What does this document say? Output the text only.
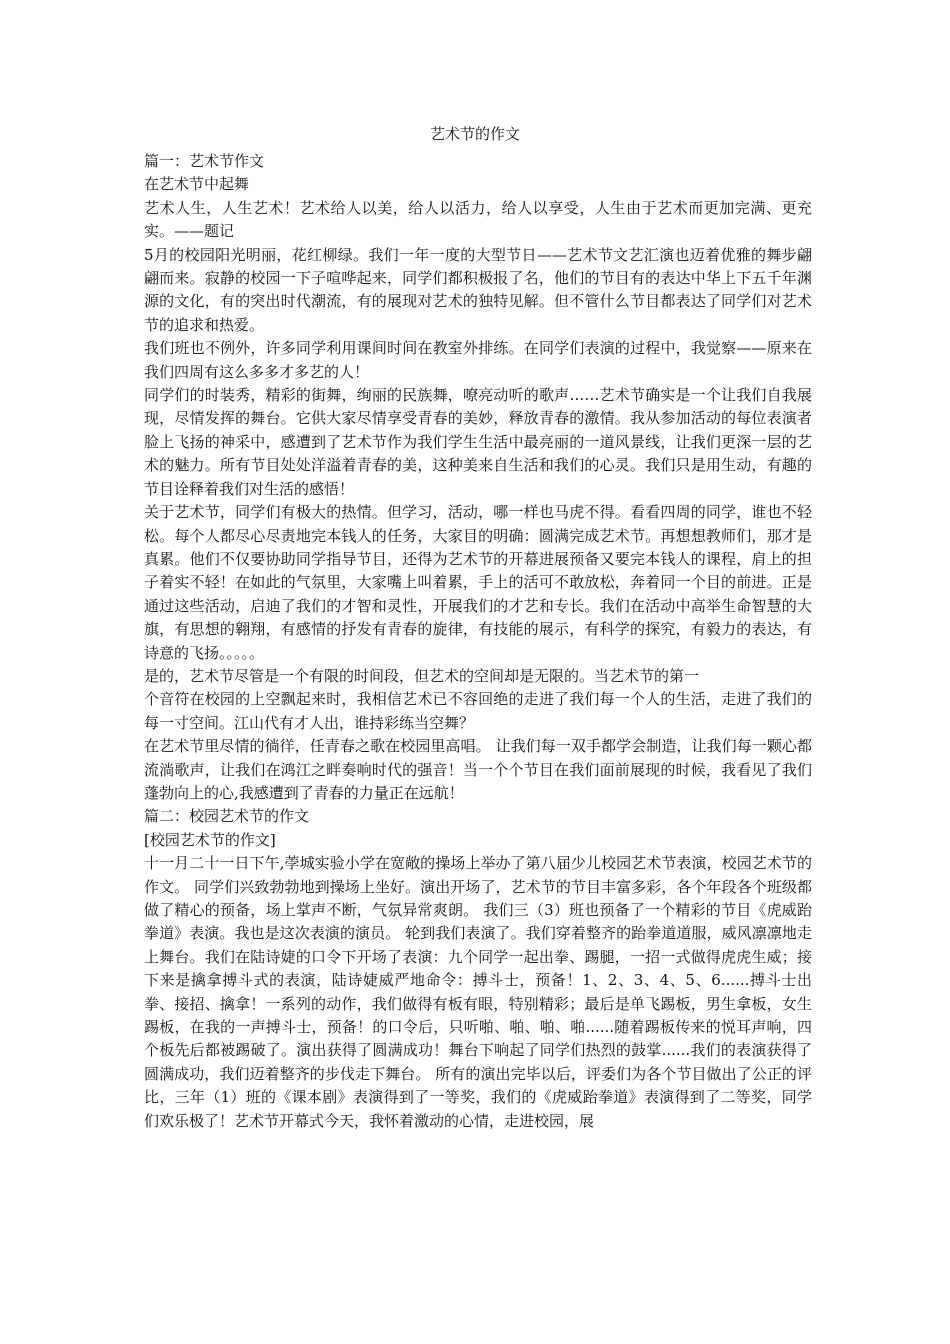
艺术节的作文

篇一：艺术节作文

在艺术节中起舞

艺术人生，人生艺术！艺术给人以美，给人以活力，给人以享受，人生由于艺术而更加完满、更充实。——题记

5月的校园阳光明丽，花红柳绿。我们一年一度的大型节日——艺术节文艺汇演也迈着优雅的舞步翩翩而来。寂静的校园一下子喧哗起来，同学们都积极报了名，他们的节目有的表达中华上下五千年渊源的文化，有的突出时代潮流，有的展现对艺术的独特见解。但不管什么节目都表达了同学们对艺术节的追求和热爱。

我们班也不例外，许多同学利用课间时间在教室外排练。在同学们表演的过程中，我觉察——原来在我们四周有这么多多才多艺的人！

同学们的时装秀，精彩的街舞，绚丽的民族舞，嘹亮动听的歌声……艺术节确实是一个让我们自我展现，尽情发挥的舞台。它供大家尽情享受青春的美妙，释放青春的激情。我从参加活动的每位表演者脸上飞扬的神采中，感遭到了艺术节作为我们学生生活中最亮丽的一道风景线，让我们更深一层的艺术的魅力。所有节目处处洋溢着青春的美，这种美来自生活和我们的心灵。我们只是用生动，有趣的节目诠释着我们对生活的感悟！

关于艺术节，同学们有极大的热情。但学习，活动，哪一样也马虎不得。看看四周的同学，谁也不轻松。每个人都尽心尽责地完本钱人的任务，大家目的明确：圆满完成艺术节。再想想教师们，那才是真累。他们不仅要协助同学指导节目，还得为艺术节的开幕进展预备又要完本钱人的课程，肩上的担子着实不轻！在如此的气氛里，大家嘴上叫着累，手上的活可不敢放松，奔着同一个目的前进。正是通过这些活动，启迪了我们的才智和灵性，开展我们的才艺和专长。我们在活动中高举生命智慧的大旗，有思想的翱翔，有感情的抒发有青春的旋律，有技能的展示，有科学的探究，有毅力的表达，有诗意的飞扬。。。。。

是的，艺术节尽管是一个有限的时间段，但艺术的空间却是无限的。当艺术节的第一

个音符在校园的上空飘起来时，我相信艺术已不容回绝的走进了我们每一个人的生活，走进了我们的每一寸空间。江山代有才人出，谁持彩练当空舞？

在艺术节里尽情的徜徉，任青春之歌在校园里高唱。 让我们每一双手都学会制造，让我们每一颗心都流淌歌声，让我们在鸿江之畔奏响时代的强音！当一个个节目在我们面前展现的时候，我看见了我们蓬勃向上的心,我感遭到了青春的力量正在远航！

篇二：校园艺术节的作文

[校园艺术节的作文]

十一月二十一日下午,荸城实验小学在宽敞的操场上举办了第八届少儿校园艺术节表演，校园艺术节的作文。 同学们兴致勃勃地到操场上坐好。演出开场了，艺术节的节目丰富多彩，各个年段各个班级都做了精心的预备，场上掌声不断，气氛异常爽朗。 我们三（3）班也预备了一个精彩的节目《虎威跆拳道》表演。我也是这次表演的演员。 轮到我们表演了。我们穿着整齐的跆拳道道服，威风凛凛地走上舞台。我们在陆诗婕的口令下开场了表演：九个同学一起出拳、踢腿，一招一式做得虎虎生威；接下来是擒拿搏斗式的表演，陆诗婕威严地命令：搏斗士，预备！1、2、3、4、5、6......搏斗士出拳、接招、擒拿！一系列的动作，我们做得有板有眼，特别精彩；最后是单飞踢板，男生拿板，女生踢板，在我的一声搏斗士，预备！的口令后，只听啪、啪、啪、啪......随着踢板传来的悦耳声响，四个板先后都被踢破了。演出获得了圆满成功！舞台下响起了同学们热烈的鼓掌......我们的表演获得了圆满成功，我们迈着整齐的步伐走下舞台。 所有的演出完毕以后，评委们为各个节目做出了公正的评比，三年（1）班的《课本剧》表演得到了一等奖，我们的《虎威跆拳道》表演得到了二等奖，同学们欢乐极了！艺术节开幕式今天，我怀着激动的心情，走进校园，展
